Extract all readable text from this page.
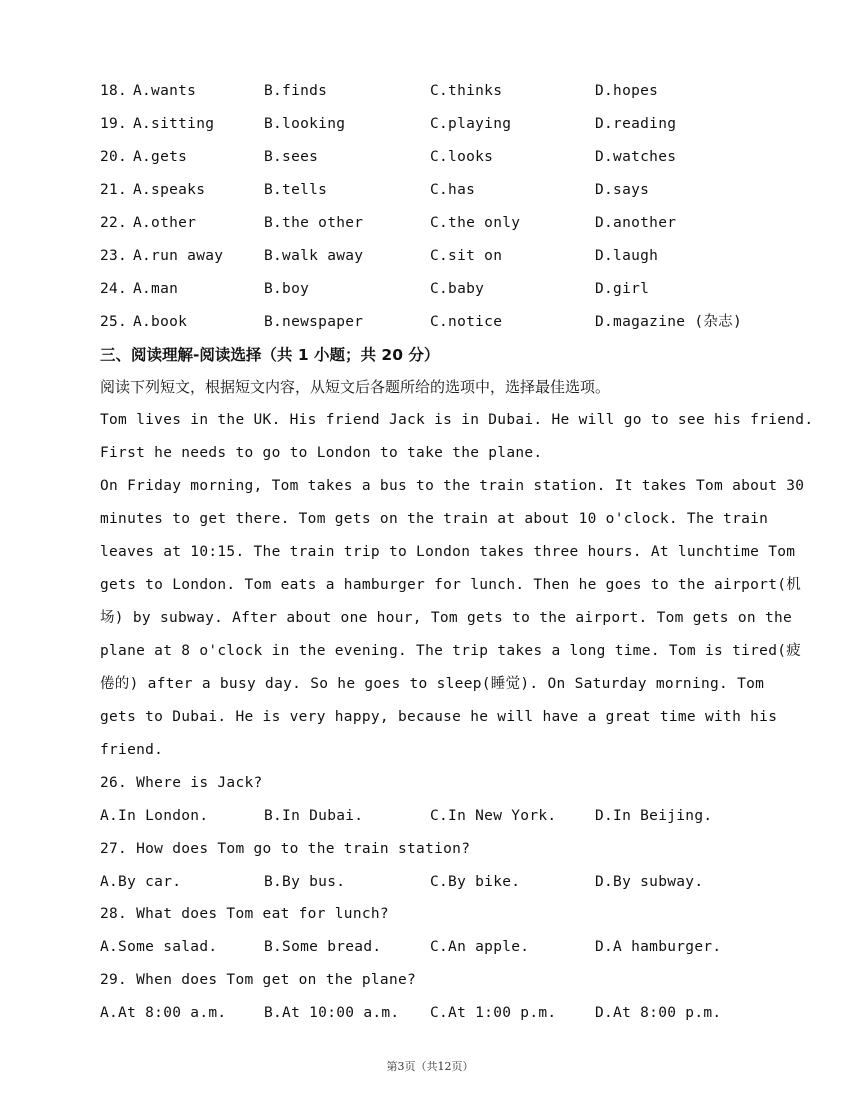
18. A.wants	B.finds	C.thinks	D.hopes
19. A.sitting	B.looking	C.playing	D.reading
20. A.gets	B.sees	C.looks	D.watches
21. A.speaks	B.tells	C.has	D.says
22. A.other	B.the other	C.the only	D.another
23. A.run away	B.walk away	C.sit on	D.laugh
24. A.man	B.boy	C.baby	D.girl
25. A.book	B.newspaper	C.notice	D.magazine (杂志)
三、阅读理解-阅读选择（共 1 小题；共 20 分）
阅读下列短文，根据短文内容，从短文后各题所给的选项中，选择最佳选项。
Tom lives in the UK. His friend Jack is in Dubai. He will go to see his friend.
First he needs to go to London to take the plane.
On Friday morning, Tom takes a bus to the train station. It takes Tom about 30
minutes to get there. Tom gets on the train at about 10 o'clock. The train
leaves at 10:15. The train trip to London takes three hours. At lunchtime Tom
gets to London. Tom eats a hamburger for lunch. Then he goes to the airport(机
场) by subway. After about one hour, Tom gets to the airport. Tom gets on the
plane at 8 o'clock in the evening. The trip takes a long time. Tom is tired(疲
倦的) after a busy day. So he goes to sleep(睡觉). On Saturday morning. Tom
gets to Dubai. He is very happy, because he will have a great time with his
friend.
26. Where is Jack?
A.In London.	B.In Dubai.	C.In New York.	D.In Beijing.
27. How does Tom go to the train station?
A.By car.	B.By bus.	C.By bike.	D.By subway.
28. What does Tom eat for lunch?
A.Some salad.	B.Some bread.	C.An apple.	D.A hamburger.
29. When does Tom get on the plane?
A.At 8:00 a.m.	B.At 10:00 a.m. C.At 1:00 p.m.	D.At 8:00 p.m.
第3页（共12页）
